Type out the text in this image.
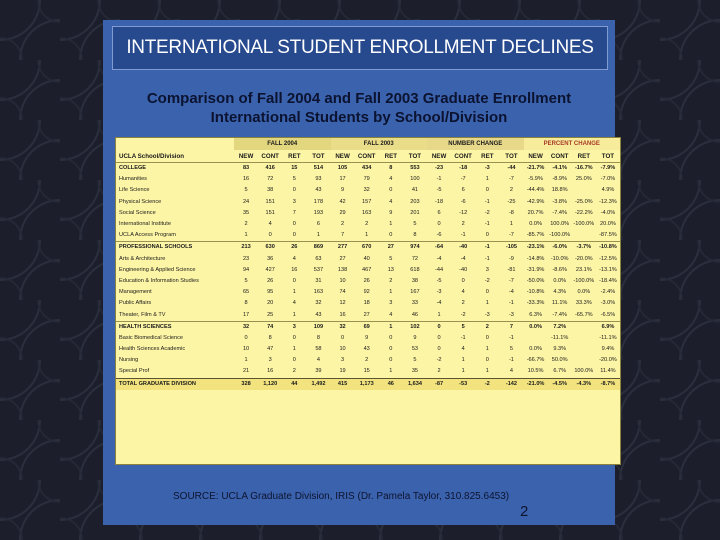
INTERNATIONAL STUDENT ENROLLMENT DECLINES
Comparison of Fall 2004 and Fall 2003 Graduate Enrollment
International Students by School/Division
	FALL 2004				FALL 2003				NUMBER CHANGE				PERCENT CHANGE			
UCLA School/Division	NEW	CONT	RET	TOT	NEW	CONT	RET	TOT	NEW	CONT	RET	TOT	NEW	CONT	RET	TOT
COLLEGE	83	416	15	514	105	434	8	553	-23	-18	-3	-44	-21.7%	-4.1%	-16.7%	-7.9%
Humanities	16	72	5	93	17	79	4	100	-1	-7	1	-7	-5.9%	-8.9%	25.0%	-7.0%
Life Science	5	38	0	43	9	32	0	41	-5	6	0	2	-44.4%	18.8%		4.9%
Physical Science	24	151	3	178	42	157	4	203	-18	-6	-1	-25	-42.9%	-3.8%	-25.0%	-12.3%
Social Science	35	151	7	193	29	163	9	201	6	-12	-2	-8	20.7%	-7.4%	-22.2%	-4.0%
International Institute	2	4	0	6	2	2	1	5	0	2	-1	1	0.0%	100.0%	-100.0%	20.0%
UCLA Access Program	1	0	0	1	7	1	0	8	-6	-1	0	-7	-85.7%	-100.0%		-87.5%
PROFESSIONAL SCHOOLS	213	630	26	869	277	670	27	974	-64	-40	-1	-105	-23.1%	-6.0%	-3.7%	-10.8%
Arts & Architecture	23	36	4	63	27	40	5	72	-4	-4	-1	-9	-14.8%	-10.0%	-20.0%	-12.5%
Engineering & Applied Science	94	427	16	537	138	467	13	618	-44	-40	3	-81	-31.9%	-8.6%	23.1%	-13.1%
Education & Information Studies	5	26	0	31	10	26	2	38	-5	0	-2	-7	-50.0%	0.0%	-100.0%	-18.4%
Management	65	95	1	163	74	92	1	167	-3	4	0	-4	-10.8%	4.3%	0.0%	-2.4%
Public Affairs	8	20	4	32	12	18	3	33	-4	2	1	-1	-33.3%	11.1%	33.3%	-3.0%
Theater, Film & TV	17	25	1	43	16	27	4	46	1	-2	-3	-3	6.3%	-7.4%	-65.7%	-6.5%
HEALTH SCIENCES	32	74	3	109	32	69	1	102	0	5	2	7	0.0%	7.2%		6.9%
Basic Biomedical Science	0	8	0	8	0	9	0	9	0	-1	0	-1		-11.1%		-11.1%
Health Sciences Academic	10	47	1	58	10	43	0	53	0	4	1	5	0.0%	9.3%		9.4%
Nursing	1	3	0	4	3	2	0	5	-2	1	0	-1	-66.7%	50.0%		-20.0%
Special Prof	21	16	2	39	19	15	1	35	2	1	1	4	10.5%	6.7%	100.0%	11.4%
TOTAL GRADUATE DIVISION	328	1,120	44	1,492	415	1,173	46	1,634	-87	-53	-2	-142	-21.0%	-4.5%	-4.3%	-8.7%
SOURCE: UCLA Graduate Division, IRIS (Dr. Pamela Taylor, 310.825.6453)
2
